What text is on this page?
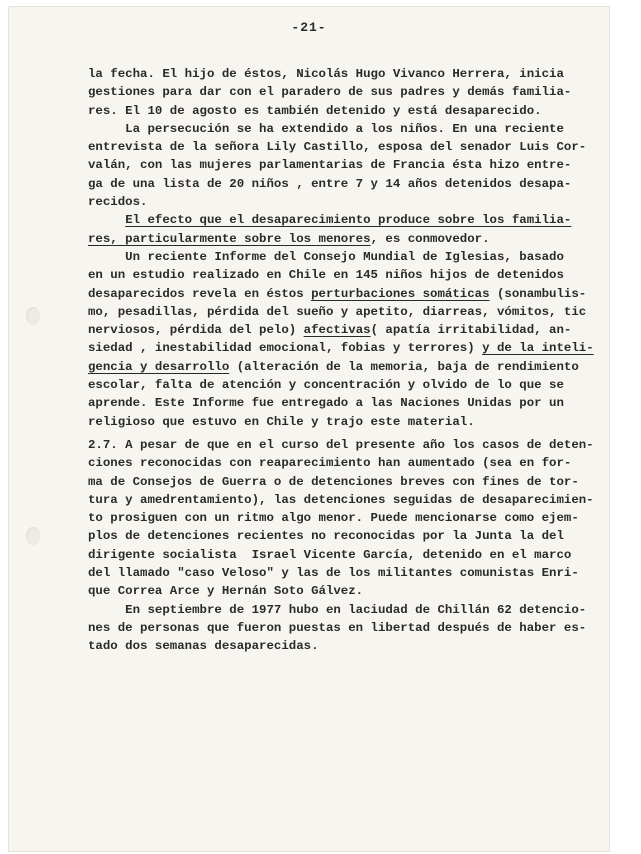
-21-
la fecha. El hijo de éstos, Nicolás Hugo Vivanco Herrera, inicia
gestiones para dar con el paradero de sus padres y demás familia-
res. El 10 de agosto es también detenido y está desaparecido.
La persecución se ha extendido a los niños. En una reciente
entrevista de la señora Lily Castillo, esposa del senador Luis Cor-
valán, con las mujeres parlamentarias de Francia ésta hizo entre-
ga de una lista de 20 niños , entre 7 y 14 años detenidos desapa-
recidos.
El efecto que el desaparecimiento produce sobre los familia-
res, particularmente sobre los menores, es conmovedor.
Un reciente Informe del Consejo Mundial de Iglesias, basado
en un estudio realizado en Chile en 145 niños hijos de detenidos
desaparecidos revela en éstos perturbaciones somáticas (sonambulis-
mo, pesadillas, pérdida del sueño y apetito, diarreas, vómitos, tic
nerviosos, pérdida del pelo) afectivas( apatía irritabilidad, an-
siedad , inestabilidad emocional, fobias y terrores) y de la inteli-
gencia y desarrollo (alteración de la memoria, baja de rendimiento
escolar, falta de atención y concentración y olvido de lo que se
aprende. Este Informe fue entregado a las Naciones Unidas por un
religioso que estuvo en Chile y trajo este material.
2.7. A pesar de que en el curso del presente año los casos de deten-
ciones reconocidas con reaparecimiento han aumentado (sea en for-
ma de Consejos de Guerra o de detenciones breves con fines de tor-
tura y amedrentamiento), las detenciones seguidas de desaparecimien-
to prosiguen con un ritmo algo menor. Puede mencionarse como ejem-
plos de detenciones recientes no reconocidas por la Junta la del
dirigente socialista  Israel Vicente García, detenido en el marco
del llamado "caso Veloso" y las de los militantes comunistas Enri-
que Correa Arce y Hernán Soto Gálvez.
En septiembre de 1977 hubo en laciudad de Chillán 62 detencio-
nes de personas que fueron puestas en libertad después de haber es-
tado dos semanas desaparecidas.
